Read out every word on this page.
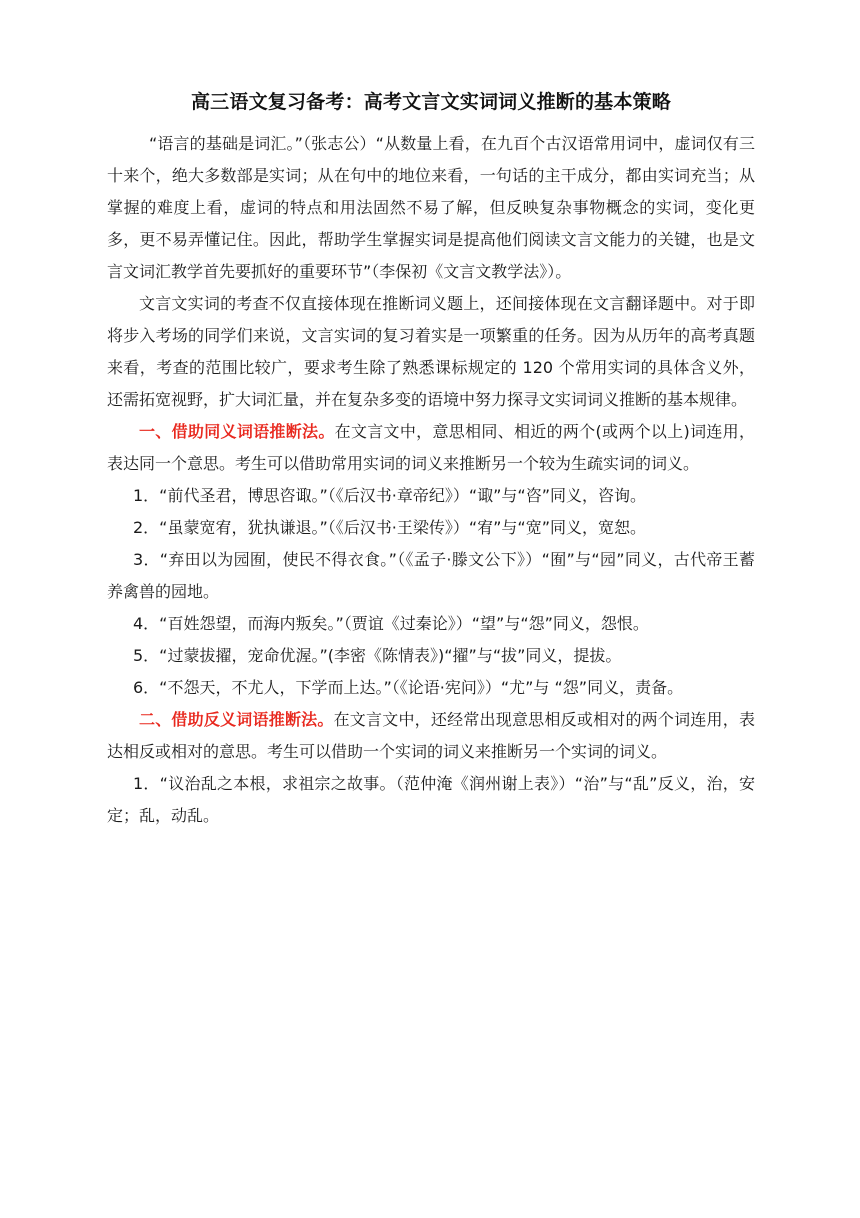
高三语文复习备考：高考文言文实词词义推断的基本策略

“语言的基础是词汇。”（张志公）“从数量上看，在九百个古汉语常用词中，虚词仅有三十来个，绝大多数部是实词；从在句中的地位来看，一句话的主干成分，都由实词充当；从掌握的难度上看，虚词的特点和用法固然不易了解，但反映复杂事物概念的实词，变化更多，更不易弄懂记住。因此，帮助学生掌握实词是提高他们阅读文言文能力的关键，也是文言文词汇教学首先要抓好的重要环节”（李保初《文言文教学法》）。

文言文实词的考查不仅直接体现在推断词义题上，还间接体现在文言翻译题中。对于即将步入考场的同学们来说，文言实词的复习着实是一项繁重的任务。因为从历年的高考真题来看，考查的范围比较广，要求考生除了熟悉课标规定的 120 个常用实词的具体含义外，还需拓宽视野，扩大词汇量，并在复杂多变的语境中努力探寻文实词词义推断的基本规律。

一、借助同义词语推断法。在文言文中，意思相同、相近的两个(或两个以上)词连用，表达同一个意思。考生可以借助常用实词的词义来推断另一个较为生疏实词的词义。

1．“前代圣君，博思咨诹。”（《后汉书·章帝纪》）“诹”与“咨”同义，咨询。

2．“虽蒙宽宥，犹执谦退。”（《后汉书·王梁传》）“宥”与“宽”同义，宽恕。

3．“弃田以为园囿，使民不得衣食。”（《孟子·滕文公下》）“囿”与“园”同义，古代帝王蓄养禽兽的园地。

4．“百姓怨望，而海内叛矣。”（贾谊《过秦论》）“望”与“怨”同义，怨恨。

5．“过蒙拔擢，宠命优渥。”(李密《陈情表》)“擢”与“拔”同义，提拔。

6．“不怨天，不尤人，下学而上达。”（《论语·宪问》）“尤”与 “怨”同义，责备。

二、借助反义词语推断法。在文言文中，还经常出现意思相反或相对的两个词连用，表达相反或相对的意思。考生可以借助一个实词的词义来推断另一个实词的词义。

1．“议治乱之本根，求祖宗之故事。（范仲淹《润州谢上表》）“治”与“乱”反义，治，安定；乱，动乱。
